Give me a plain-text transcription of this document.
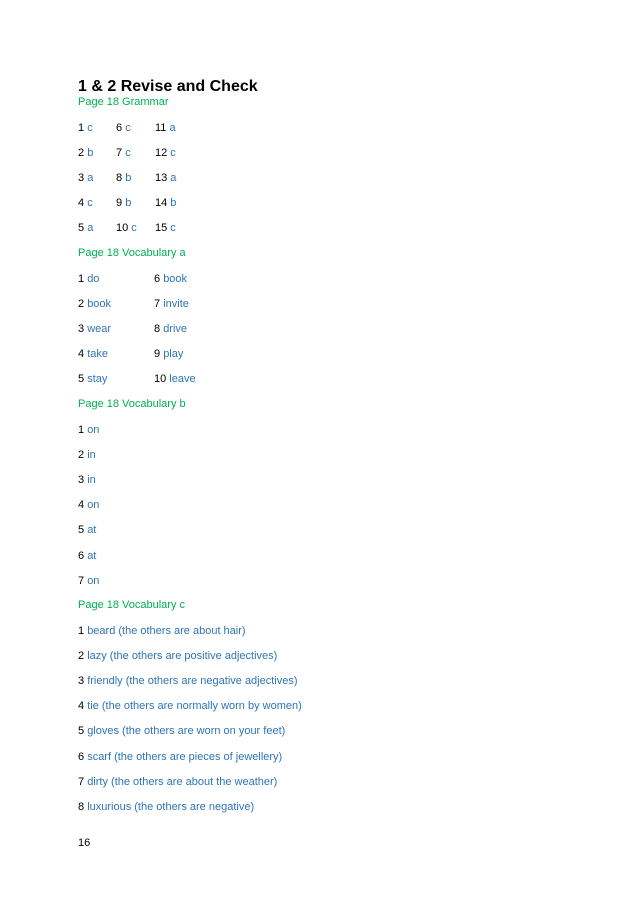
1 & 2 Revise and Check
Page 18 Grammar
1 c 6 c 11 a
2 b 7 c 12 c
3 a 8 b 13 a
4 c 9 b 14 b
5 a 10 c 15 c
Page 18 Vocabulary a
1 do	6 book
2 book	7 invite
3 wear	8 drive
4 take	9 play
5 stay	10 leave
Page 18 Vocabulary b
1 on
2 in
3 in
4 on
5 at
6 at
7 on
Page 18 Vocabulary c
1 beard (the others are about hair)
2 lazy (the others are positive adjectives)
3 friendly (the others are negative adjectives)
4 tie (the others are normally worn by women)
5 gloves (the others are worn on your feet)
6 scarf (the others are pieces of jewellery)
7 dirty (the others are about the weather)
8 luxurious (the others are negative)
16
